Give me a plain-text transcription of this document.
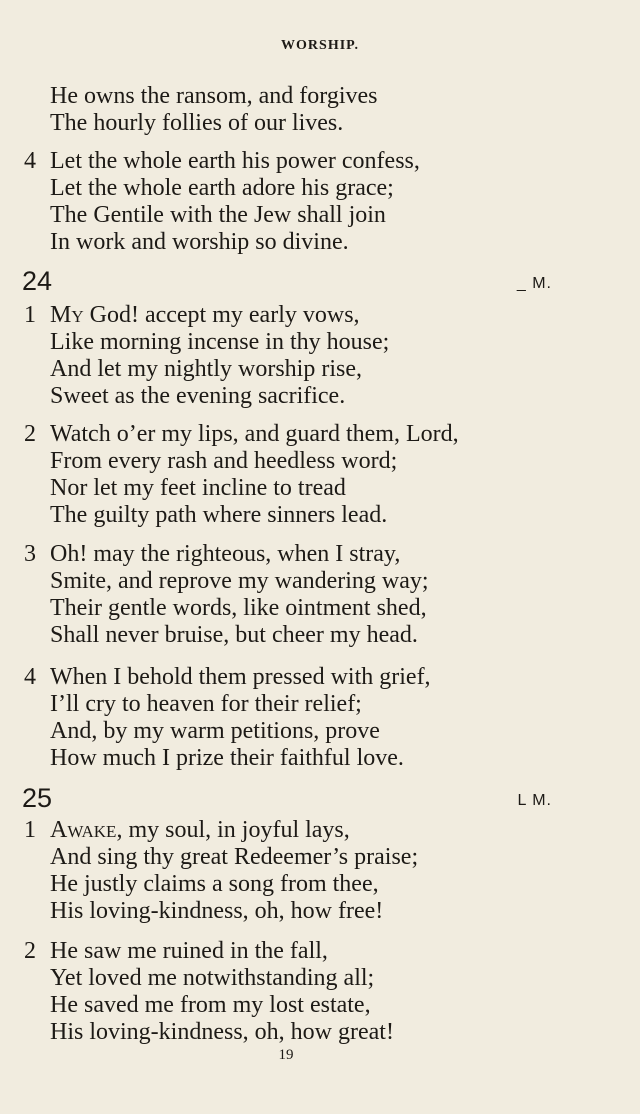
WORSHIP.
He owns the ransom, and forgives
The hourly follies of our lives.
4 Let the whole earth his power confess,
Let the whole earth adore his grace;
The Gentile with the Jew shall join
In work and worship so divine.
24	_ M.
1 My God! accept my early vows,
Like morning incense in thy house;
And let my nightly worship rise,
Sweet as the evening sacrifice.
2 Watch o’er my lips, and guard them, Lord,
From every rash and heedless word;
Nor let my feet incline to tread
The guilty path where sinners lead.
3 Oh! may the righteous, when I stray,
Smite, and reprove my wandering way;
Their gentle words, like ointment shed,
Shall never bruise, but cheer my head.
4 When I behold them pressed with grief,
I’ll cry to heaven for their relief;
And, by my warm petitions, prove
How much I prize their faithful love.
25	L M.
1 Awake, my soul, in joyful lays,
And sing thy great Redeemer’s praise;
He justly claims a song from thee,
His loving-kindness, oh, how free!
2 He saw me ruined in the fall,
Yet loved me notwithstanding all;
He saved me from my lost estate,
His loving-kindness, oh, how great!
19
